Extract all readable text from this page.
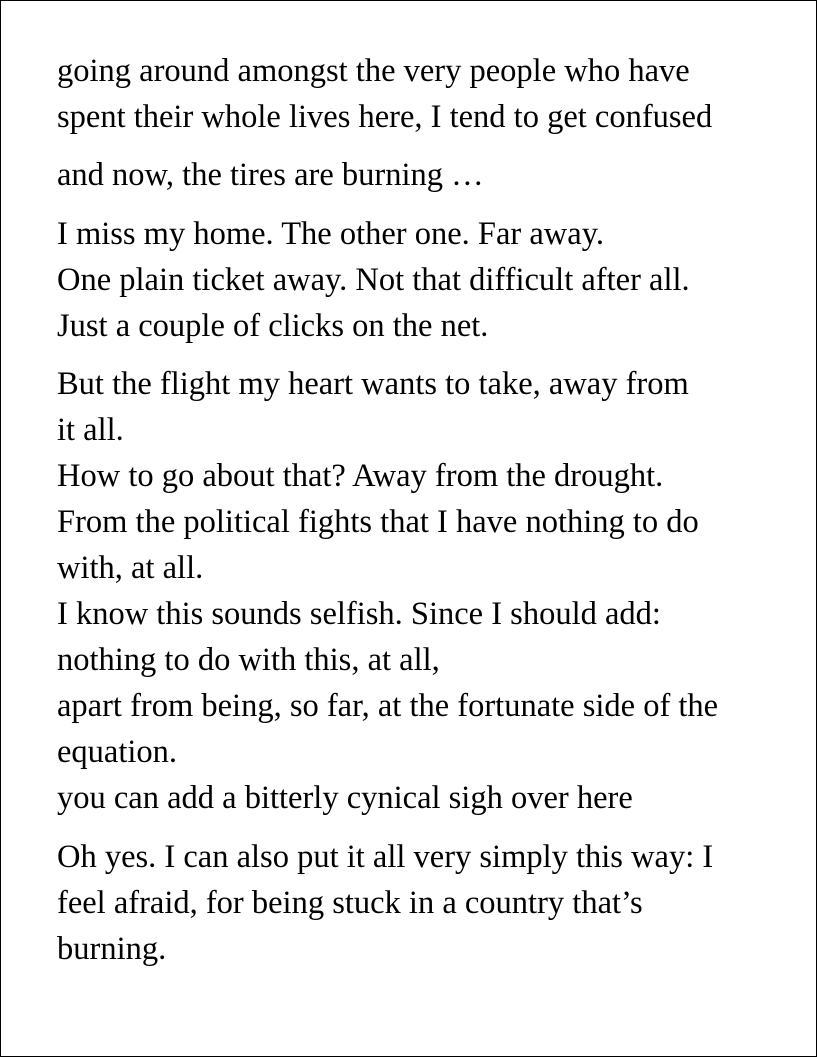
going around amongst the very people who have
spent their whole lives here, I tend to get confused
and now, the tires are burning …
I miss my home. The other one. Far away.
One plain ticket away. Not that difficult after all.
Just a couple of clicks on the net.
But the flight my heart wants to take, away from
it all.
How to go about that? Away from the drought.
From the political fights that I have nothing to do
with, at all.
I know this sounds selfish. Since I should add:
nothing to do with this, at all,
apart from being, so far, at the fortunate side of the
equation.
you can add a bitterly cynical sigh over here
Oh yes. I can also put it all very simply this way: I
feel afraid, for being stuck in a country that’s
burning.
